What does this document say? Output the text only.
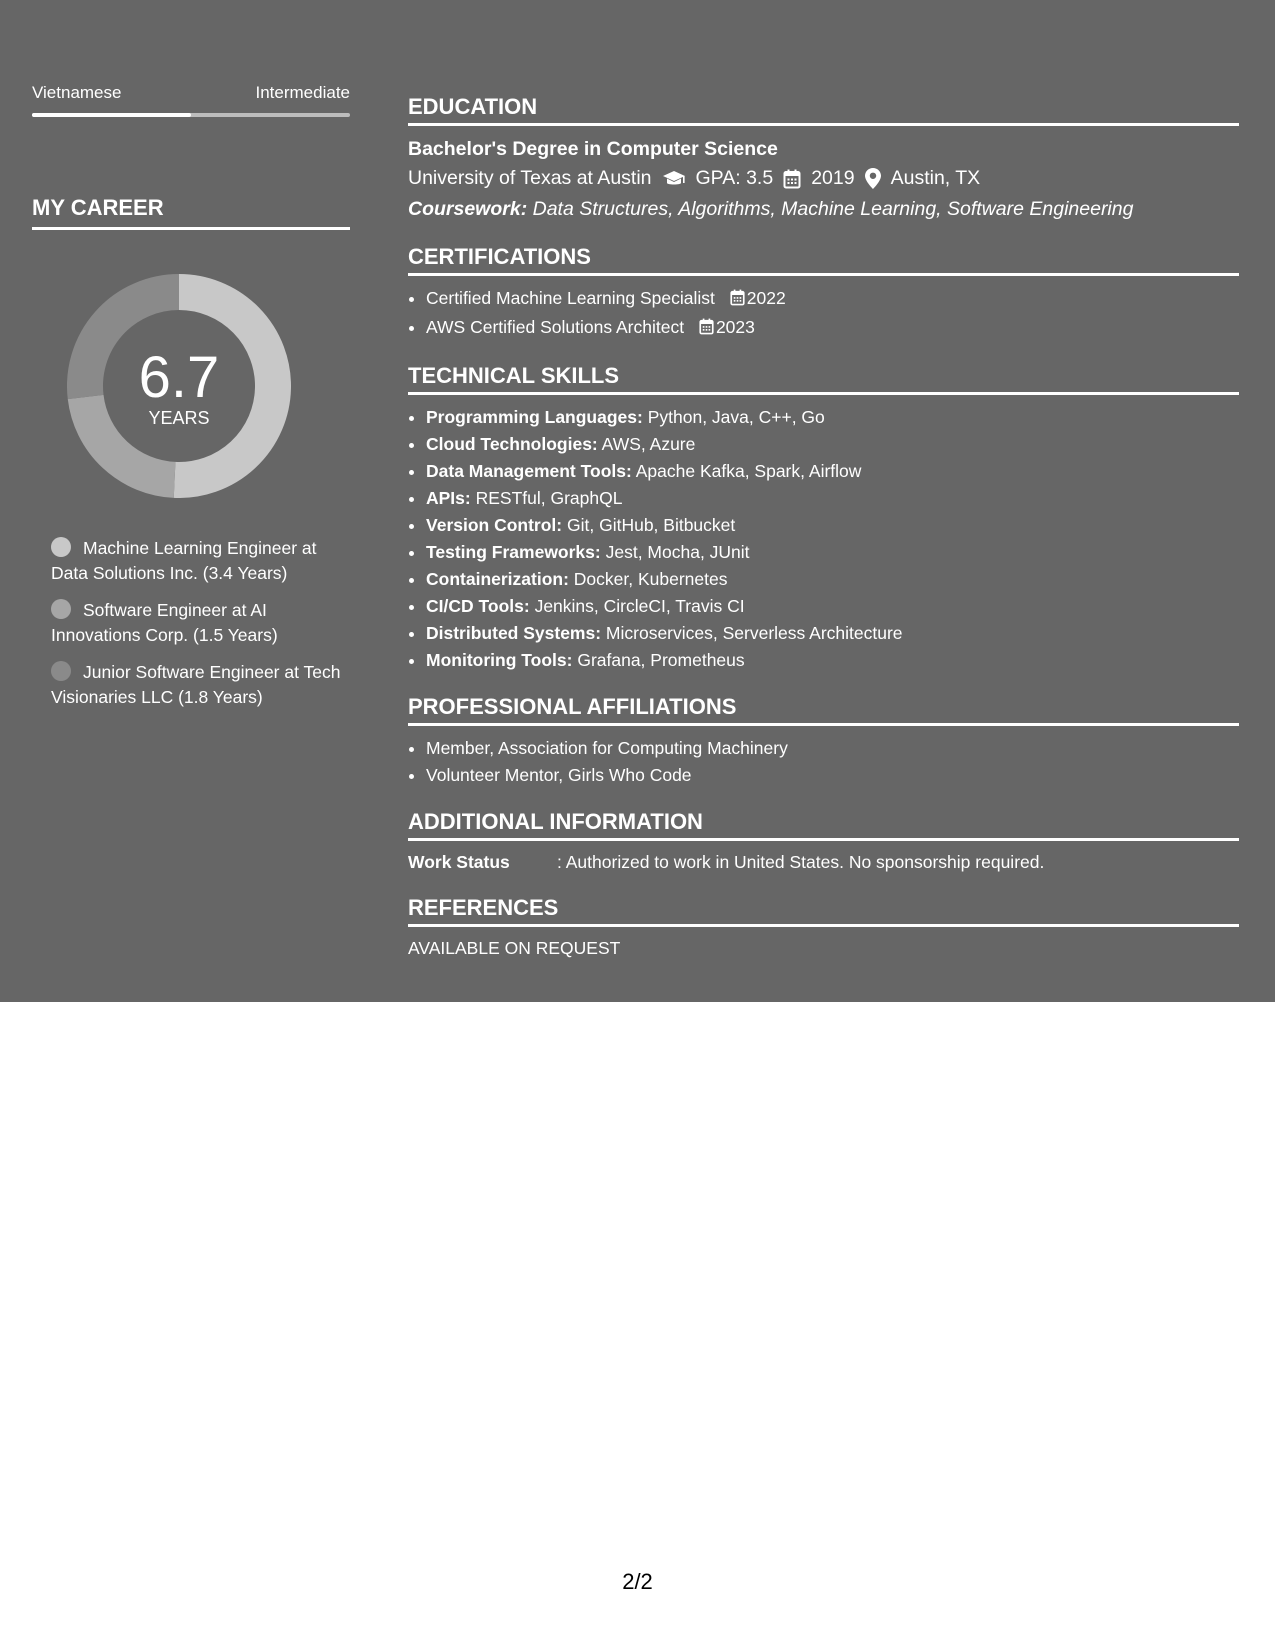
Vietnamese	Intermediate
MY CAREER
6.7
YEARS
Machine Learning Engineer at Data Solutions Inc. (3.4 Years)
Software Engineer at AI Innovations Corp. (1.5 Years)
Junior Software Engineer at Tech Visionaries LLC (1.8 Years)
EDUCATION
Bachelor's Degree in Computer Science
University of Texas at Austin GPA: 3.5 2019 Austin, TX
Coursework: Data Structures, Algorithms, Machine Learning, Software Engineering
CERTIFICATIONS
• Certified Machine Learning Specialist 2022
• AWS Certified Solutions Architect 2023
TECHNICAL SKILLS
• Programming Languages: Python, Java, C++, Go
• Cloud Technologies: AWS, Azure
• Data Management Tools: Apache Kafka, Spark, Airflow
• APIs: RESTful, GraphQL
• Version Control: Git, GitHub, Bitbucket
• Testing Frameworks: Jest, Mocha, JUnit
• Containerization: Docker, Kubernetes
• CI/CD Tools: Jenkins, CircleCI, Travis CI
• Distributed Systems: Microservices, Serverless Architecture
• Monitoring Tools: Grafana, Prometheus
PROFESSIONAL AFFILIATIONS
• Member, Association for Computing Machinery
• Volunteer Mentor, Girls Who Code
ADDITIONAL INFORMATION
Work Status	: Authorized to work in United States. No sponsorship required.
REFERENCES
AVAILABLE ON REQUEST
2/2
